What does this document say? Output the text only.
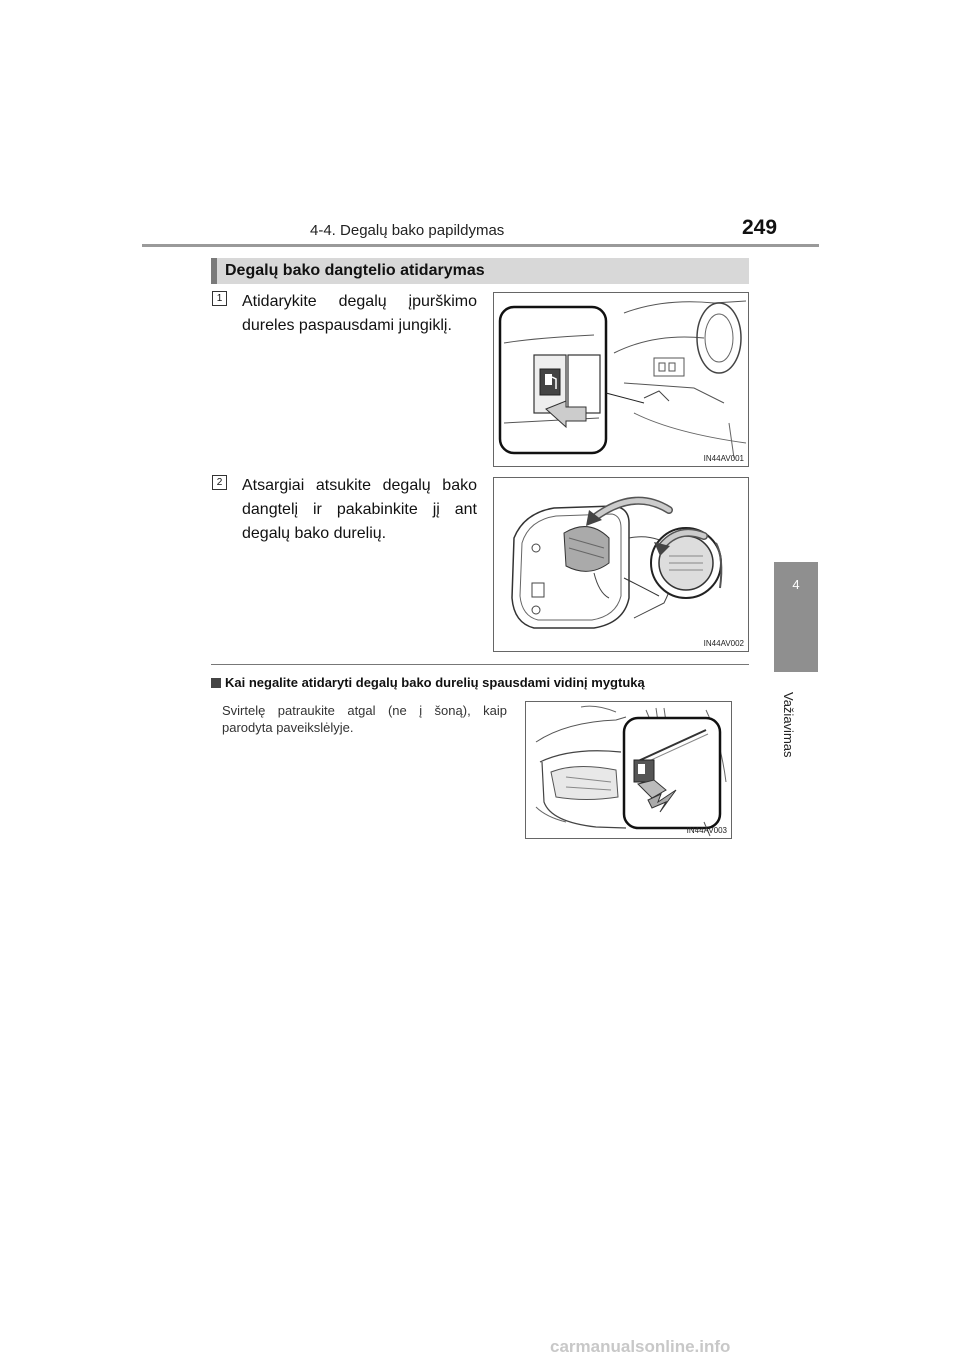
4-4. Degalų bako papildymas	249
4
Važiavimas
Degalų bako dangtelio atidarymas
1 Atidarykite degalų įpurškimo dureles paspausdami jungiklį.
IN44AV001
2 Atsargiai atsukite degalų bako dangtelį ir pakabinkite jį ant degalų bako durelių.
IN44AV002
Kai negalite atidaryti degalų bako durelių spausdami vidinį mygtuką
Svirtelę patraukite atgal (ne į šoną), kaip parodyta paveikslėlyje.
IN44AV003
carmanualsonline.info
